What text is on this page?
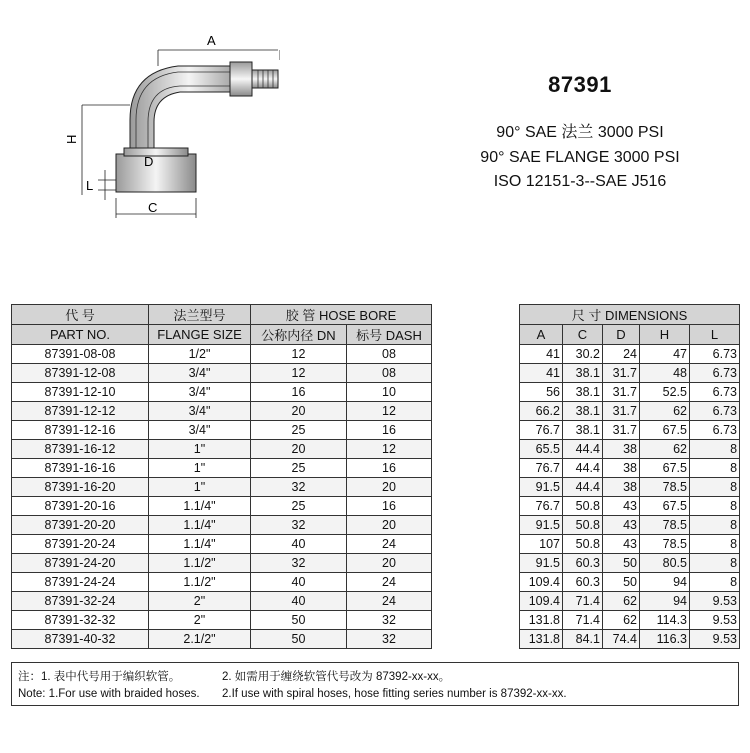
A
H
L
C
D
87391
90° SAE 法兰 3000 PSI
90° SAE FLANGE 3000 PSI
ISO 12151-3--SAE J516
代 号	法兰型号	胶 管 HOSE BORE			尺 寸 DIMENSIONS				
PART NO.	FLANGE SIZE	公称内径 DN	标号 DASH		A	C	D	H	L
87391-08-08	1/2"	12	08		41	30.2	24	47	6.73
87391-12-08	3/4"	12	08		41	38.1	31.7	48	6.73
87391-12-10	3/4"	16	10		56	38.1	31.7	52.5	6.73
87391-12-12	3/4"	20	12		66.2	38.1	31.7	62	6.73
87391-12-16	3/4"	25	16		76.7	38.1	31.7	67.5	6.73
87391-16-12	1"	20	12		65.5	44.4	38	62	8
87391-16-16	1"	25	16		76.7	44.4	38	67.5	8
87391-16-20	1"	32	20		91.5	44.4	38	78.5	8
87391-20-16	1.1/4"	25	16		76.7	50.8	43	67.5	8
87391-20-20	1.1/4"	32	20		91.5	50.8	43	78.5	8
87391-20-24	1.1/4"	40	24		107	50.8	43	78.5	8
87391-24-20	1.1/2"	32	20		91.5	60.3	50	80.5	8
87391-24-24	1.1/2"	40	24		109.4	60.3	50	94	8
87391-32-24	2"	40	24		109.4	71.4	62	94	9.53
87391-32-32	2"	50	32		131.8	71.4	62	114.3	9.53
87391-40-32	2.1/2"	50	32		131.8	84.1	74.4	116.3	9.53
注：1. 表中代号用于编织软管。	2. 如需用于缠绕软管代号改为 87392-xx-xx。
Note: 1.For use with braided hoses. 2.If use with spiral hoses, hose fitting series number is 87392-xx-xx.
